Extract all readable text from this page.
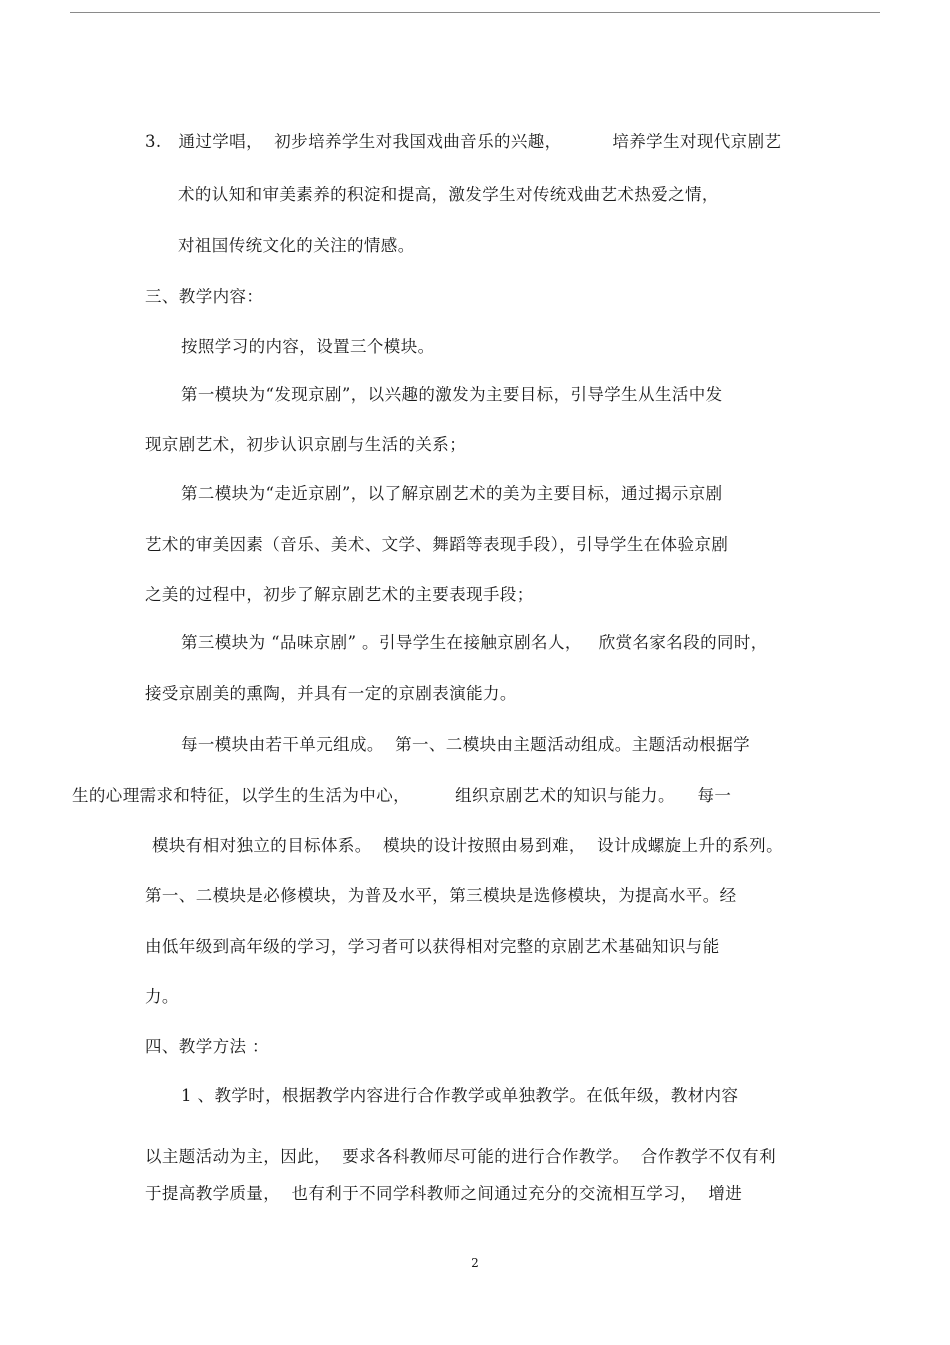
3.   通过学唱，  初步培养学生对我国戏曲音乐的兴趣，         培养学生对现代京剧艺
术的认知和审美素养的积淀和提高，激发学生对传统戏曲艺术热爱之情，
对祖国传统文化的关注的情感。
三、教学内容：
按照学习的内容，设置三个模块。
第一模块为“发现京剧”，以兴趣的激发为主要目标，引导学生从生活中发
现京剧艺术，初步认识京剧与生活的关系；
第二模块为“走近京剧”，以了解京剧艺术的美为主要目标，通过揭示京剧
艺术的审美因素（音乐、美术、文学、舞蹈等表现手段），引导学生在体验京剧
之美的过程中，初步了解京剧艺术的主要表现手段；
第三模块为 “品味京剧” 。引导学生在接触京剧名人，   欣赏名家名段的同时，
接受京剧美的熏陶，并具有一定的京剧表演能力。
每一模块由若干单元组成。  第一、二模块由主题活动组成。主题活动根据学
生的心理需求和特征，以学生的生活为中心，        组织京剧艺术的知识与能力。    每一
模块有相对独立的目标体系。  模块的设计按照由易到难，  设计成螺旋上升的系列。
第一、二模块是必修模块，为普及水平，第三模块是选修模块，为提高水平。经
由低年级到高年级的学习，学习者可以获得相对完整的京剧艺术基础知识与能
力。
四、教学方法 ：
1 、教学时，根据教学内容进行合作教学或单独教学。在低年级，教材内容
以主题活动为主，因此，  要求各科教师尽可能的进行合作教学。  合作教学不仅有利
于提高教学质量，  也有利于不同学科教师之间通过充分的交流相互学习，  增进
2
